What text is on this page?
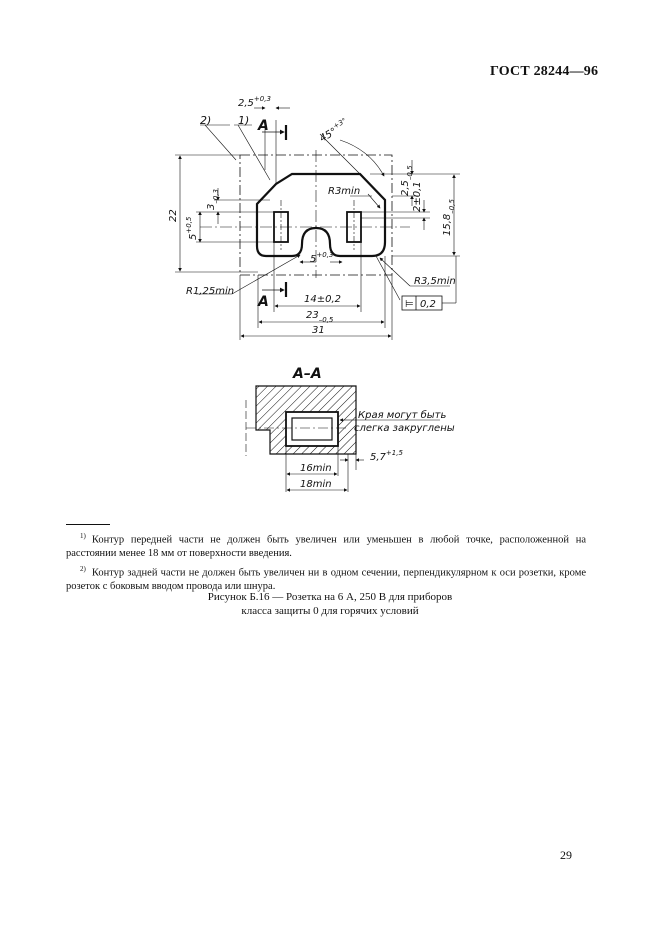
ГОСТ 28244—96
2) 1) A
A
$2,5^{+0,3}$
45°$^{+3^\circ}$
R3min
R1,25min
R3,5min
22
$5^{+0,5}$
$3_{-0,3}$
$2,5_{-0,5}$
2±0,1
$15,8_{-0,5}$
$5^{+0,3}$
14±0,2
$23_{-0,5}$
31
⊨ 0,2
A–A
Края могут быть
слегка закруглены
$5,7^{+1,5}$
16min
18min

$^{1)}$ Контур передней части не должен быть увеличен или уменьшен в любой точке, расположенной на расстоянии менее 18 мм от поверхности введения.

$^{2)}$ Контур задней части не должен быть увеличен ни в одном сечении, перпендикулярном к оси розетки, кроме розеток с боковым вводом провода или шнура.

Рисунок Б.16 — Розетка на 6 А, 250 В для приборов
класса защиты 0 для горячих условий
29
